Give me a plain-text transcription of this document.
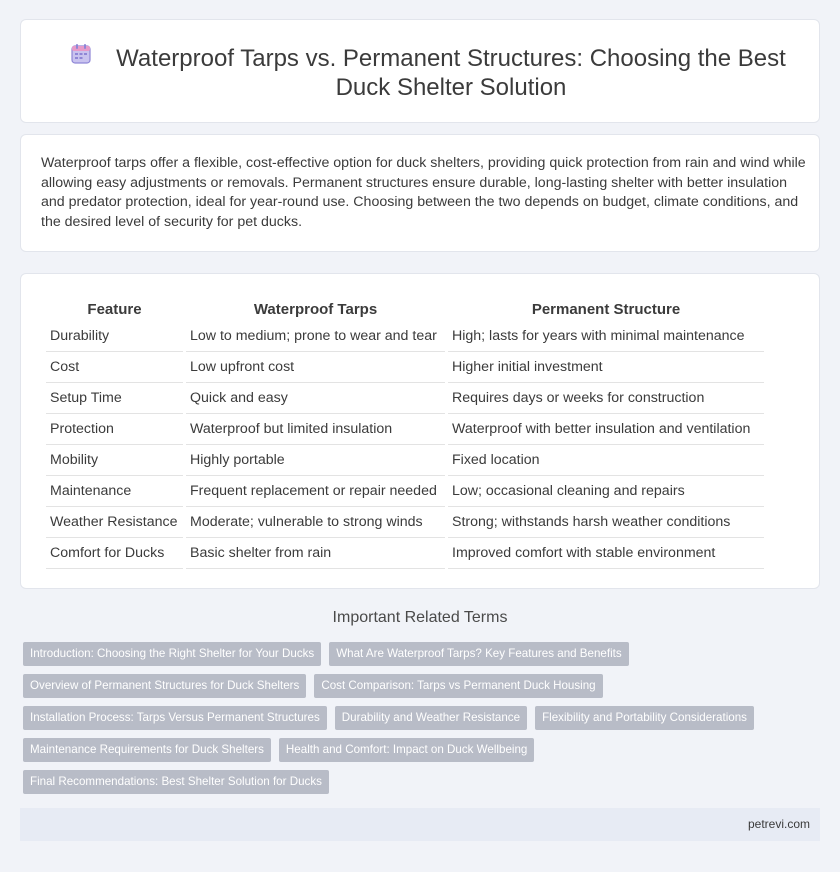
Waterproof Tarps vs. Permanent Structures: Choosing the Best Duck Shelter Solution

Waterproof tarps offer a flexible, cost-effective option for duck shelters, providing quick protection from rain and wind while allowing easy adjustments or removals. Permanent structures ensure durable, long-lasting shelter with better insulation and predator protection, ideal for year-round use. Choosing between the two depends on budget, climate conditions, and the desired level of security for pet ducks.

Feature	Waterproof Tarps	Permanent Structure
Durability	Low to medium; prone to wear and tear	High; lasts for years with minimal maintenance
Cost	Low upfront cost	Higher initial investment
Setup Time	Quick and easy	Requires days or weeks for construction
Protection	Waterproof but limited insulation	Waterproof with better insulation and ventilation
Mobility	Highly portable	Fixed location
Maintenance	Frequent replacement or repair needed	Low; occasional cleaning and repairs
Weather Resistance	Moderate; vulnerable to strong winds	Strong; withstands harsh weather conditions
Comfort for Ducks	Basic shelter from rain	Improved comfort with stable environment
Important Related Terms
Introduction: Choosing the Right Shelter for Your Ducks	What Are Waterproof Tarps? Key Features and Benefits
Overview of Permanent Structures for Duck Shelters	Cost Comparison: Tarps vs Permanent Duck Housing
Installation Process: Tarps Versus Permanent Structures	Durability and Weather Resistance	Flexibility and Portability Considerations
Maintenance Requirements for Duck Shelters	Health and Comfort: Impact on Duck Wellbeing
Final Recommendations: Best Shelter Solution for Ducks
petrevi.com
